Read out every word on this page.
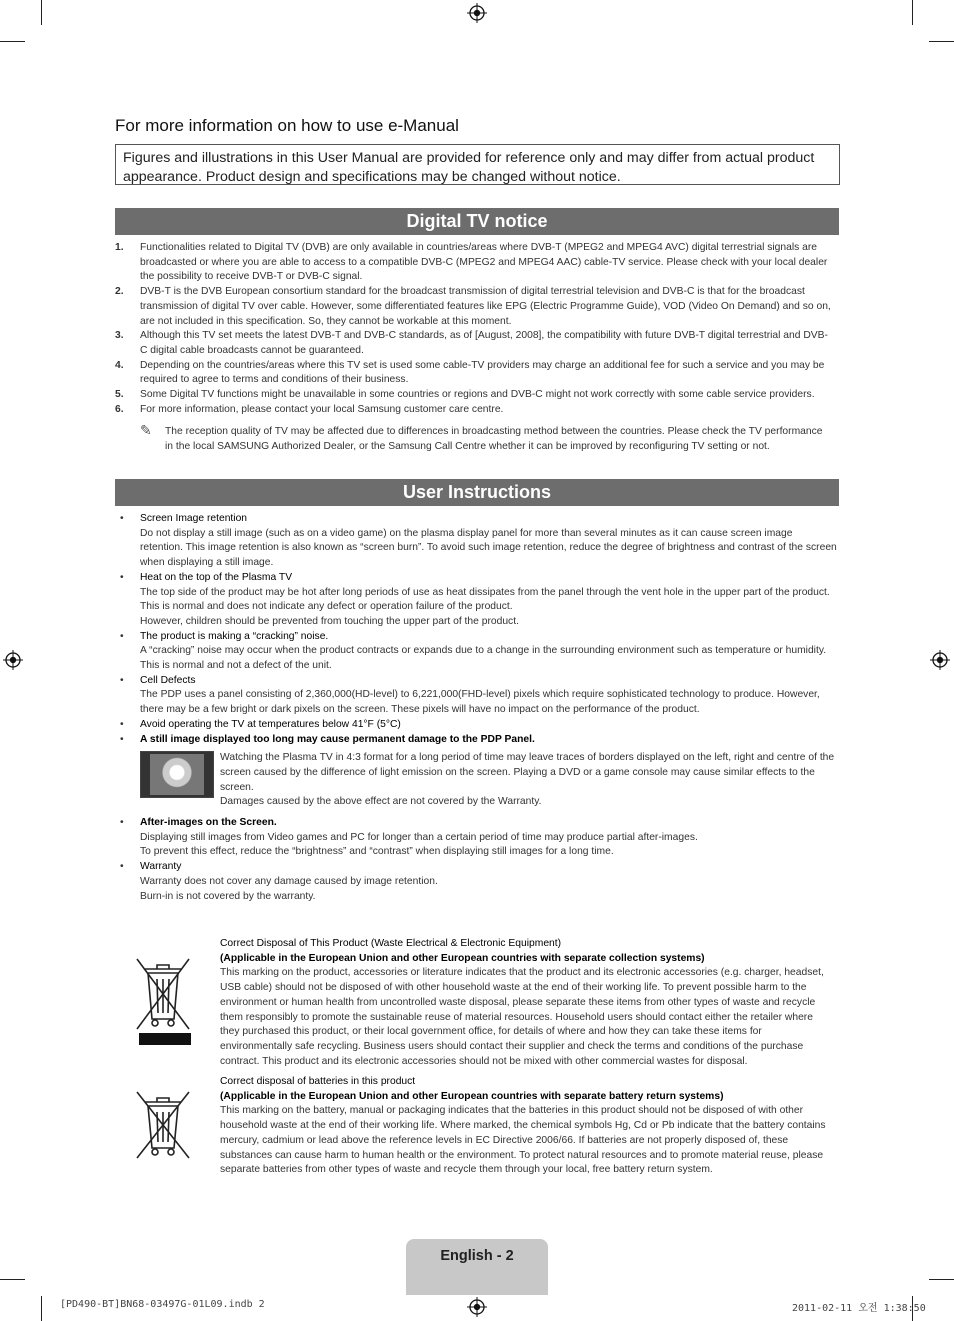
For more information on how to use e-Manual
Figures and illustrations in this User Manual are provided for reference only and may differ from actual product appearance. Product design and specifications may be changed without notice.
Digital TV notice
1. Functionalities related to Digital TV (DVB) are only available in countries/areas where DVB-T (MPEG2 and MPEG4 AVC) digital terrestrial signals are broadcasted or where you are able to access to a compatible DVB-C (MPEG2 and MPEG4 AAC) cable-TV service. Please check with your local dealer the possibility to receive DVB-T or DVB-C signal.
2. DVB-T is the DVB European consortium standard for the broadcast transmission of digital terrestrial television and DVB-C is that for the broadcast transmission of digital TV over cable. However, some differentiated features like EPG (Electric Programme Guide), VOD (Video On Demand) and so on, are not included in this specification. So, they cannot be workable at this moment.
3. Although this TV set meets the latest DVB-T and DVB-C standards, as of [August, 2008], the compatibility with future DVB-T digital terrestrial and DVB-C digital cable broadcasts cannot be guaranteed.
4. Depending on the countries/areas where this TV set is used some cable-TV providers may charge an additional fee for such a service and you may be required to agree to terms and conditions of their business.
5. Some Digital TV functions might be unavailable in some countries or regions and DVB-C might not work correctly with some cable service providers.
6. For more information, please contact your local Samsung customer care centre.
✎	The reception quality of TV may be affected due to differences in broadcasting method between the countries. Please check the TV performance in the local SAMSUNG Authorized Dealer, or the Samsung Call Centre whether it can be improved by reconfiguring TV setting or not.
User Instructions
• Screen Image retention
Do not display a still image (such as on a video game) on the plasma display panel for more than several minutes as it can cause screen image retention. This image retention is also known as “screen burn”. To avoid such image retention, reduce the degree of brightness and contrast of the screen when displaying a still image.
• Heat on the top of the Plasma TV
The top side of the product may be hot after long periods of use as heat dissipates from the panel through the vent hole in the upper part of the product.
This is normal and does not indicate any defect or operation failure of the product.
However, children should be prevented from touching the upper part of the product.
• The product is making a “cracking” noise.
A “cracking” noise may occur when the product contracts or expands due to a change in the surrounding environment such as temperature or humidity. This is normal and not a defect of the unit.
• Cell Defects
The PDP uses a panel consisting of 2,360,000(HD-level) to 6,221,000(FHD-level) pixels which require sophisticated technology to produce. However, there may be a few bright or dark pixels on the screen. These pixels will have no impact on the performance of the product.
• Avoid operating the TV at temperatures below 41°F (5°C)
• A still image displayed too long may cause permanent damage to the PDP Panel.
Watching the Plasma TV in 4:3 format for a long period of time may leave traces of borders displayed on the left, right and centre of the screen caused by the difference of light emission on the screen. Playing a DVD or a game console may cause similar effects to the screen.
Damages caused by the above effect are not covered by the Warranty.
• After-images on the Screen.
Displaying still images from Video games and PC for longer than a certain period of time may produce partial after-images.
To prevent this effect, reduce the “brightness” and “contrast” when displaying still images for a long time.
• Warranty
Warranty does not cover any damage caused by image retention.
Burn-in is not covered by the warranty.
Correct Disposal of This Product (Waste Electrical & Electronic Equipment)
(Applicable in the European Union and other European countries with separate collection systems)
This marking on the product, accessories or literature indicates that the product and its electronic accessories (e.g. charger, headset, USB cable) should not be disposed of with other household waste at the end of their working life. To prevent possible harm to the environment or human health from uncontrolled waste disposal, please separate these items from other types of waste and recycle them responsibly to promote the sustainable reuse of material resources. Household users should contact either the retailer where they purchased this product, or their local government office, for details of where and how they can take these items for environmentally safe recycling. Business users should contact their supplier and check the terms and conditions of the purchase contract. This product and its electronic accessories should not be mixed with other commercial wastes for disposal.
Correct disposal of batteries in this product
(Applicable in the European Union and other European countries with separate battery return systems)
This marking on the battery, manual or packaging indicates that the batteries in this product should not be disposed of with other household waste at the end of their working life. Where marked, the chemical symbols Hg, Cd or Pb indicate that the battery contains mercury, cadmium or lead above the reference levels in EC Directive 2006/66. If batteries are not properly disposed of, these substances can cause harm to human health or the environment. To protect natural resources and to promote material reuse, please separate batteries from other types of waste and recycle them through your local, free battery return system.
English - 2
[PD490-BT]BN68-03497G-01L09.indb 2	2011-02-11 오전 1:38:50
